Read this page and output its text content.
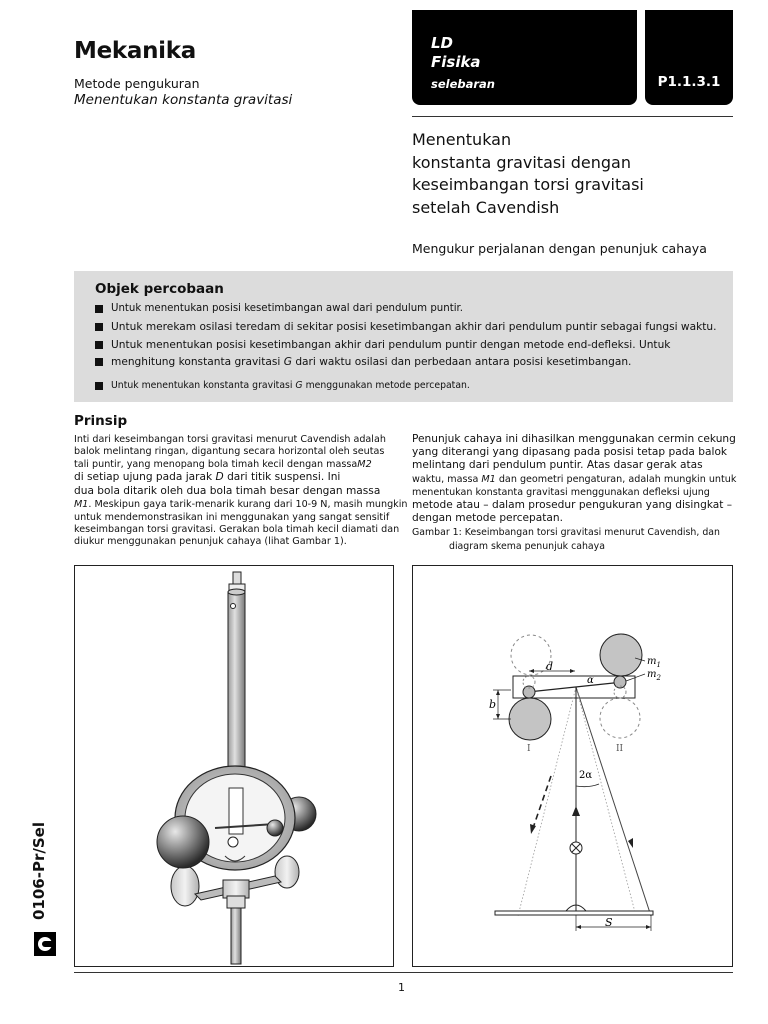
Mekanika
Metode pengukuran
Menentukan konstanta gravitasi
LD
Fisika
selebaran	P1.1.3.1
Menentukan
konstanta gravitasi dengan
keseimbangan torsi gravitasi
setelah Cavendish
Mengukur perjalanan dengan penunjuk cahaya
Objek percobaan
Untuk menentukan posisi kesetimbangan awal dari pendulum puntir.
Untuk merekam osilasi teredam di sekitar posisi kesetimbangan akhir dari pendulum puntir sebagai fungsi waktu.
Untuk menentukan posisi kesetimbangan akhir dari pendulum puntir dengan metode end-defleksi. Untuk
menghitung konstanta gravitasi G dari waktu osilasi dan perbedaan antara posisi kesetimbangan.
Untuk menentukan konstanta gravitasi G menggunakan metode percepatan.
Prinsip
Inti dari keseimbangan torsi gravitasi menurut Cavendish adalah
balok melintang ringan, digantung secara horizontal oleh seutas
tali puntir, yang menopang bola timah kecil dengan massaM2
di setiap ujung pada jarak D dari titik suspensi. Ini
dua bola ditarik oleh dua bola timah besar dengan massa
M1. Meskipun gaya tarik-menarik kurang dari 10-9 N, masih mungkin
untuk mendemonstrasikan ini menggunakan yang sangat sensitif
keseimbangan torsi gravitasi. Gerakan bola timah kecil diamati dan
diukur menggunakan penunjuk cahaya (lihat Gambar 1).
Penunjuk cahaya ini dihasilkan menggunakan cermin cekung
yang diterangi yang dipasang pada posisi tetap pada balok
melintang dari pendulum puntir. Atas dasar gerak atas
waktu, massa M1 dan geometri pengaturan, adalah mungkin untuk
menentukan konstanta gravitasi menggunakan defleksi ujung
metode atau – dalam prosedur pengukuran yang disingkat –
dengan metode percepatan.
Gambar 1: Keseimbangan torsi gravitasi menurut Cavendish, dan
diagram skema penunjuk cahaya
d
α
$m_1$
$m_2$
b
I	II
2α
S
1
0106-Pr/Sel
